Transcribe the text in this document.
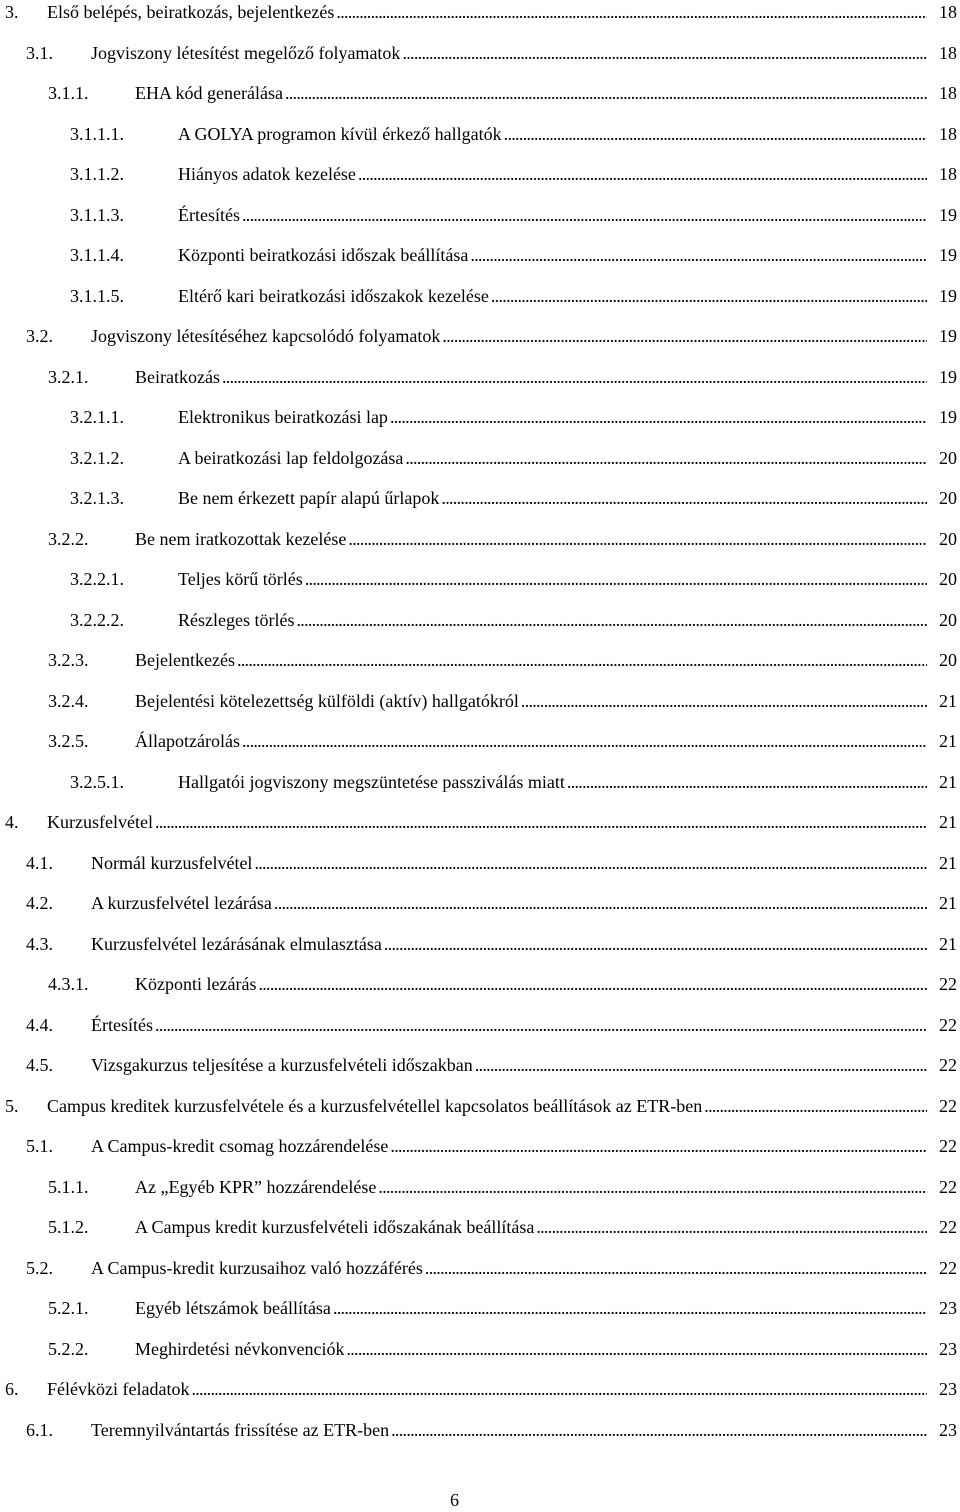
3.	Első belépés, beiratkozás, bejelentkezés . . .	18
3.1.	Jogviszony létesítést megelőző folyamatok . . .	18
3.1.1.	EHA kód generálása . . .	18
3.1.1.1.	A GOLYA programon kívül érkező hallgatók . . .	18
3.1.1.2.	Hiányos adatok kezelése . . .	18
3.1.1.3.	Értesítés . . .	19
3.1.1.4.	Központi beiratkozási időszak beállítása . . .	19
3.1.1.5.	Eltérő kari beiratkozási időszakok kezelése . . .	19
3.2.	Jogviszony létesítéséhez kapcsolódó folyamatok . . .	19
3.2.1.	Beiratkozás . . .	19
3.2.1.1.	Elektronikus beiratkozási lap . . .	19
3.2.1.2.	A beiratkozási lap feldolgozása . . .	20
3.2.1.3.	Be nem érkezett papír alapú űrlapok . . .	20
3.2.2.	Be nem iratkozottak kezelése . . .	20
3.2.2.1.	Teljes körű törlés . . .	20
3.2.2.2.	Részleges törlés . . .	20
3.2.3.	Bejelentkezés . . .	20
3.2.4.	Bejelentési kötelezettség külföldi (aktív) hallgatókról . . .	21
3.2.5.	Állapotzárolás . . .	21
3.2.5.1.	Hallgatói jogviszony megszüntetése passziválás miatt . . .	21
4.	Kurzusfelvétel . . .	21
4.1.	Normál kurzusfelvétel . . .	21
4.2.	A kurzusfelvétel lezárása . . .	21
4.3.	Kurzusfelvétel lezárásának elmulasztása . . .	21
4.3.1.	Központi lezárás . . .	22
4.4.	Értesítés . . .	22
4.5.	Vizsgakurzus teljesítése a kurzusfelvételi időszakban . . .	22
5.	Campus kreditek kurzusfelvétele és a kurzusfelvétellel kapcsolatos beállítások az ETR-ben . . .	22
5.1.	A Campus-kredit csomag hozzárendelése . . .	22
5.1.1.	Az „Egyéb KPR” hozzárendelése . . .	22
5.1.2.	A Campus kredit kurzusfelvételi időszakának beállítása . . .	22
5.2.	A Campus-kredit kurzusaihoz való hozzáférés . . .	22
5.2.1.	Egyéb létszámok beállítása . . .	23
5.2.2.	Meghirdetési névkonvenciók . . .	23
6.	Félévközi feladatok . . .	23
6.1.	Teremnyilvántartás frissítése az ETR-ben . . .	23
6
